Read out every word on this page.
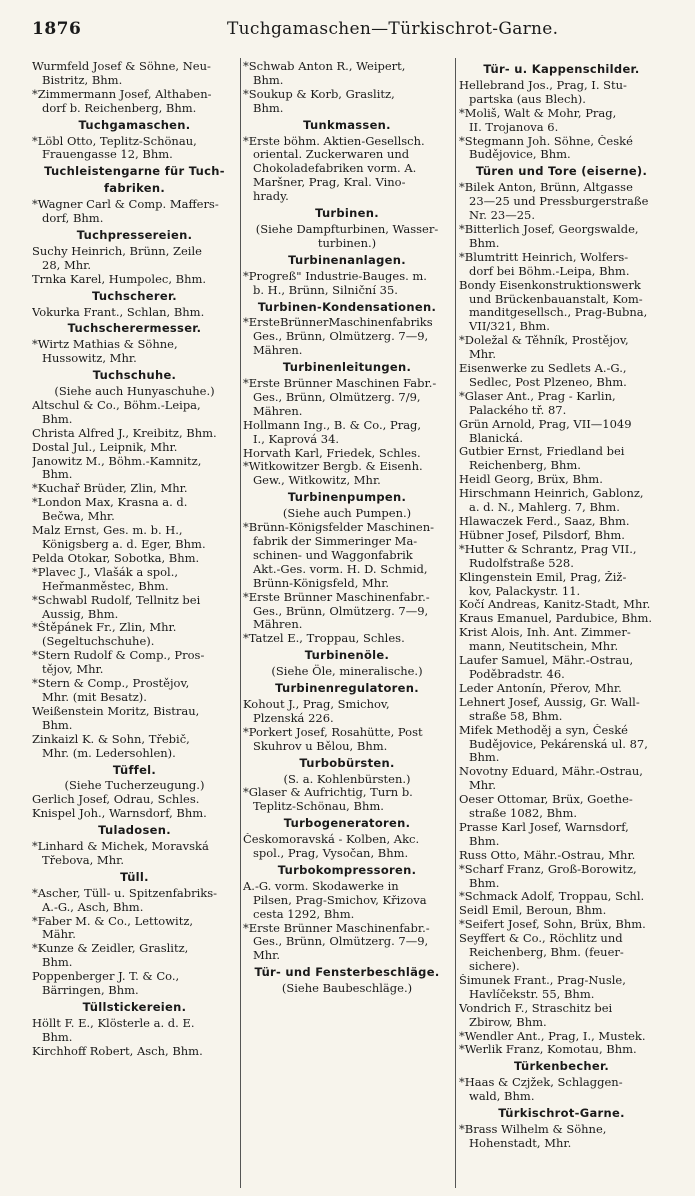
1876	Tuchgamaschen—Türkischrot-Garne.
Wurmfeld Josef & Söhne, Neu-
Bistritz, Bhm.
*Zimmermann Josef, Althaben-
dorf b. Reichenberg, Bhm.
Tuchgamaschen.
*Löbl Otto, Teplitz-Schönau,
Frauengasse 12, Bhm.
Tuchleistengarne für Tuch-
fabriken.
*Wagner Carl & Comp. Maffers-
dorf, Bhm.
Tuchpressereien.
Suchy Heinrich, Brünn, Zeile
28, Mhr.
Trnka Karel, Humpolec, Bhm.
Tuchscherer.
Vokurka Frant., Schlan, Bhm.
Tuchscherermesser.
*Wirtz Mathias & Söhne,
Hussowitz, Mhr.
Tuchschuhe.
(Siehe auch Hunyaschuhe.)
Altschul & Co., Böhm.-Leipa,
Bhm.
Christa Alfred J., Kreibitz, Bhm.
Dostal Jul., Leipnik, Mhr.
Janowitz M., Böhm.-Kamnitz,
Bhm.
*Kuchař Brüder, Zlin, Mhr.
*London Max, Krasna a. d.
Bečwa, Mhr.
Malz Ernst, Ges. m. b. H.,
Königsberg a. d. Eger, Bhm.
Pelda Otokar, Sobotka, Bhm.
*Plavec J., Vlašák a spol.,
Heřmanměstec, Bhm.
*Schwabl Rudolf, Tellnitz bei
Aussig, Bhm.
*Štěpánek Fr., Zlin, Mhr.
(Segeltuchschuhe).
*Stern Rudolf & Comp., Pros-
tějov, Mhr.
*Stern & Comp., Prostějov,
Mhr. (mit Besatz).
Weißenstein Moritz, Bistrau,
Bhm.
Zinkaizl K. & Sohn, Třebič,
Mhr. (m. Ledersohlen).
Tüffel.
(Siehe Tucherzeugung.)
Gerlich Josef, Odrau, Schles.
Knispel Joh., Warnsdorf, Bhm.
Tuladosen.
*Linhard & Michek, Moravská
Třebova, Mhr.
Tüll.
*Ascher, Tüll- u. Spitzenfabriks-
A.-G., Asch, Bhm.
*Faber M. & Co., Lettowitz,
Mähr.
*Kunze & Zeidler, Graslitz,
Bhm.
Poppenberger J. T. & Co.,
Bärringen, Bhm.
Tüllstickereien.
Höllt F. E., Klösterle a. d. E.
Bhm.
Kirchhoff Robert, Asch, Bhm.
*Schwab Anton R., Weipert,
Bhm.
*Soukup & Korb, Graslitz,
Bhm.
Tunkmassen.
*Erste böhm. Aktien-Gesellsch.
oriental. Zuckerwaren und
Chokoladefabriken vorm. A.
Maršner, Prag, Kral. Vino-
hrady.
Turbinen.
(Siehe Dampfturbinen, Wasser-
turbinen.)
Turbinenanlagen.
*Progreß" Industrie-Bauges. m.
b. H., Brünn, Silniční 35.
Turbinen-Kondensationen.
*ErsteBrünnerMaschinenfabriks
Ges., Brünn, Olmützerg. 7—9,
Mähren.
Turbinenleitungen.
*Erste Brünner Maschinen Fabr.-
Ges., Brünn, Olmützerg. 7/9,
Mähren.
Hollmann Ing., B. & Co., Prag,
I., Kaprová 34.
Horvath Karl, Friedek, Schles.
*Witkowitzer Bergb. & Eisenh.
Gew., Witkowitz, Mhr.
Turbinenpumpen.
(Siehe auch Pumpen.)
*Brünn-Königsfelder Maschinen-
fabrik der Simmeringer Ma-
schinen- und Waggonfabrik
Akt.-Ges. vorm. H. D. Schmid,
Brünn-Königsfeld, Mhr.
*Erste Brünner Maschinenfabr.-
Ges., Brünn, Olmützerg. 7—9,
Mähren.
*Tatzel E., Troppau, Schles.
Turbinenöle.
(Siehe Öle, mineralische.)
Turbinenregulatoren.
Kohout J., Prag, Smichov,
Plzenská 226.
*Porkert Josef, Rosahütte, Post
Skuhrov u Bělou, Bhm.
Turbobürsten.
(S. a. Kohlenbürsten.)
*Glaser & Aufrichtig, Turn b.
Teplitz-Schönau, Bhm.
Turbogeneratoren.
Českomoravská - Kolben, Akc.
spol., Prag, Vysočan, Bhm.
Turbokompressoren.
A.-G. vorm. Skodawerke in
Pilsen, Prag-Smichov, Křizova
cesta 1292, Bhm.
*Erste Brünner Maschinenfabr.-
Ges., Brünn, Olmützerg. 7—9,
Mhr.
Tür- und Fensterbeschläge.
(Siehe Baubeschläge.)
Tür- u. Kappenschilder.
Hellebrand Jos., Prag, I. Stu-
partska (aus Blech).
*Moliš, Walt & Mohr, Prag,
II. Trojanova 6.
*Stegmann Joh. Söhne, České
Budějovice, Bhm.
Türen und Tore (eiserne).
*Bilek Anton, Brünn, Altgasse
23—25 und Pressburgerstraße
Nr. 23—25.
*Bitterlich Josef, Georgswalde,
Bhm.
*Blumtritt Heinrich, Wolfers-
dorf bei Böhm.-Leipa, Bhm.
Bondy Eisenkonstruktionswerk
und Brückenbauanstalt, Kom-
manditgesellsch., Prag-Bubna,
VII/321, Bhm.
*Doležal & Těhník, Prostějov,
Mhr.
Eisenwerke zu Sedlets A.-G.,
Sedlec, Post Plzeneo, Bhm.
*Glaser Ant., Prag - Karlin,
Palackého tř. 87.
Grün Arnold, Prag, VII—1049
Blanická.
Gutbier Ernst, Friedland bei
Reichenberg, Bhm.
Heidl Georg, Brüx, Bhm.
Hirschmann Heinrich, Gablonz,
a. d. N., Mahlerg. 7, Bhm.
Hlawaczek Ferd., Saaz, Bhm.
Hübner Josef, Pilsdorf, Bhm.
*Hutter & Schrantz, Prag VII.,
Rudolfstraße 528.
Klingenstein Emil, Prag, Žiž-
kov, Palackystr. 11.
Kočí Andreas, Kanitz-Stadt, Mhr.
Kraus Emanuel, Pardubice, Bhm.
Krist Alois, Inh. Ant. Zimmer-
mann, Neutitschein, Mhr.
Laufer Samuel, Mähr.-Ostrau,
Poděbradstr. 46.
Leder Antonín, Přerov, Mhr.
Lehnert Josef, Aussig, Gr. Wall-
straße 58, Bhm.
Mifek Methoděj a syn, České
Budějovice, Pekárenská ul. 87,
Bhm.
Novotny Eduard, Mähr.-Ostrau,
Mhr.
Oeser Ottomar, Brüx, Goethe-
straße 1082, Bhm.
Prasse Karl Josef, Warnsdorf,
Bhm.
Russ Otto, Mähr.-Ostrau, Mhr.
*Scharf Franz, Groß-Borowitz,
Bhm.
*Schmack Adolf, Troppau, Schl.
Seidl Emil, Beroun, Bhm.
*Seifert Josef, Sohn, Brüx, Bhm.
Seyffert & Co., Röchlitz und
Reichenberg, Bhm. (feuer-
sichere).
Šimunek Frant., Prag-Nusle,
Havlíčekstr. 55, Bhm.
Vondrich F., Straschitz bei
Zbirow, Bhm.
*Wendler Ant., Prag, I., Mustek.
*Werlik Franz, Komotau, Bhm.
Türkenbecher.
*Haas & Czjžek, Schlaggen-
wald, Bhm.
Türkischrot-Garne.
*Brass Wilhelm & Söhne,
Hohenstadt, Mhr.
